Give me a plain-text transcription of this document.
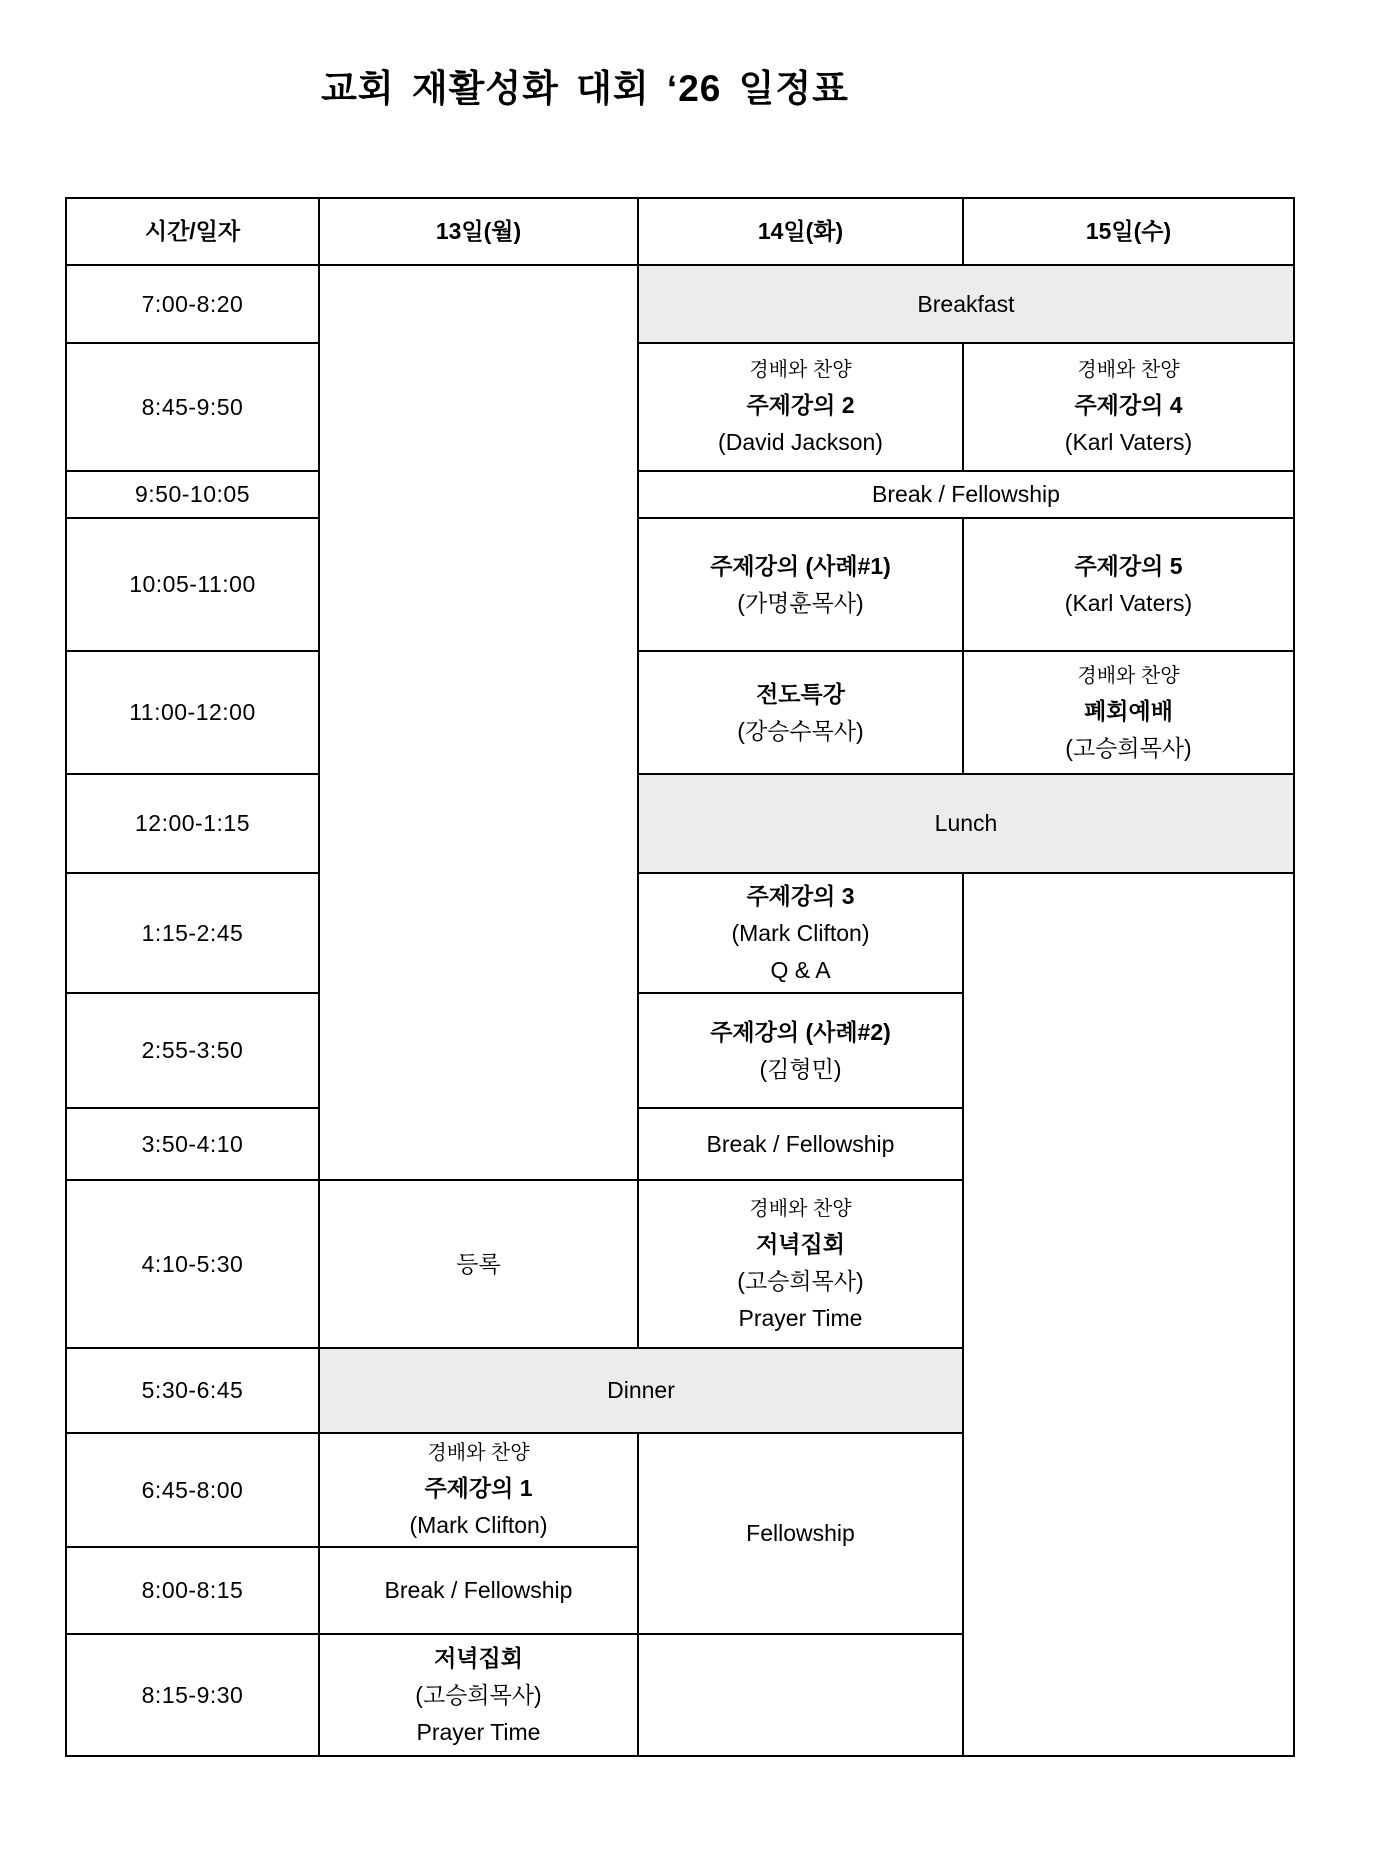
교회 재활성화 대회 ‘26 일정표
시간/일자	13일(월)	14일(화)	15일(수)
7:00-8:20		Breakfast	
8:45-9:50		경배와 찬양
주제강의 2
(David Jackson)	경배와 찬양
주제강의 4
(Karl Vaters)

9:50-10:05		Break / Fellowship	
10:05-11:00		주제강의 (사례#1)
(가명훈목사)	주제강의 5
(Karl Vaters)

11:00-12:00		전도특강
(강승수목사)	경배와 찬양
폐회예배
(고승희목사)

12:00-1:15		Lunch	
1:15-2:45		주제강의 3
(Mark Clifton)
Q & A	

2:55-3:50		주제강의 (사례#2)
(김형민)	

3:50-4:10		Break / Fellowship	
4:10-5:30	등록	경배와 찬양
저녁집회
(고승희목사)
Prayer Time	

5:30-6:45	Dinner		
6:45-8:00	경배와 찬양
주제강의 1
(Mark Clifton)	Fellowship	
8:00-8:15	Break / Fellowship		
8:15-9:30	저녁집회
(고승희목사)
Prayer Time		
